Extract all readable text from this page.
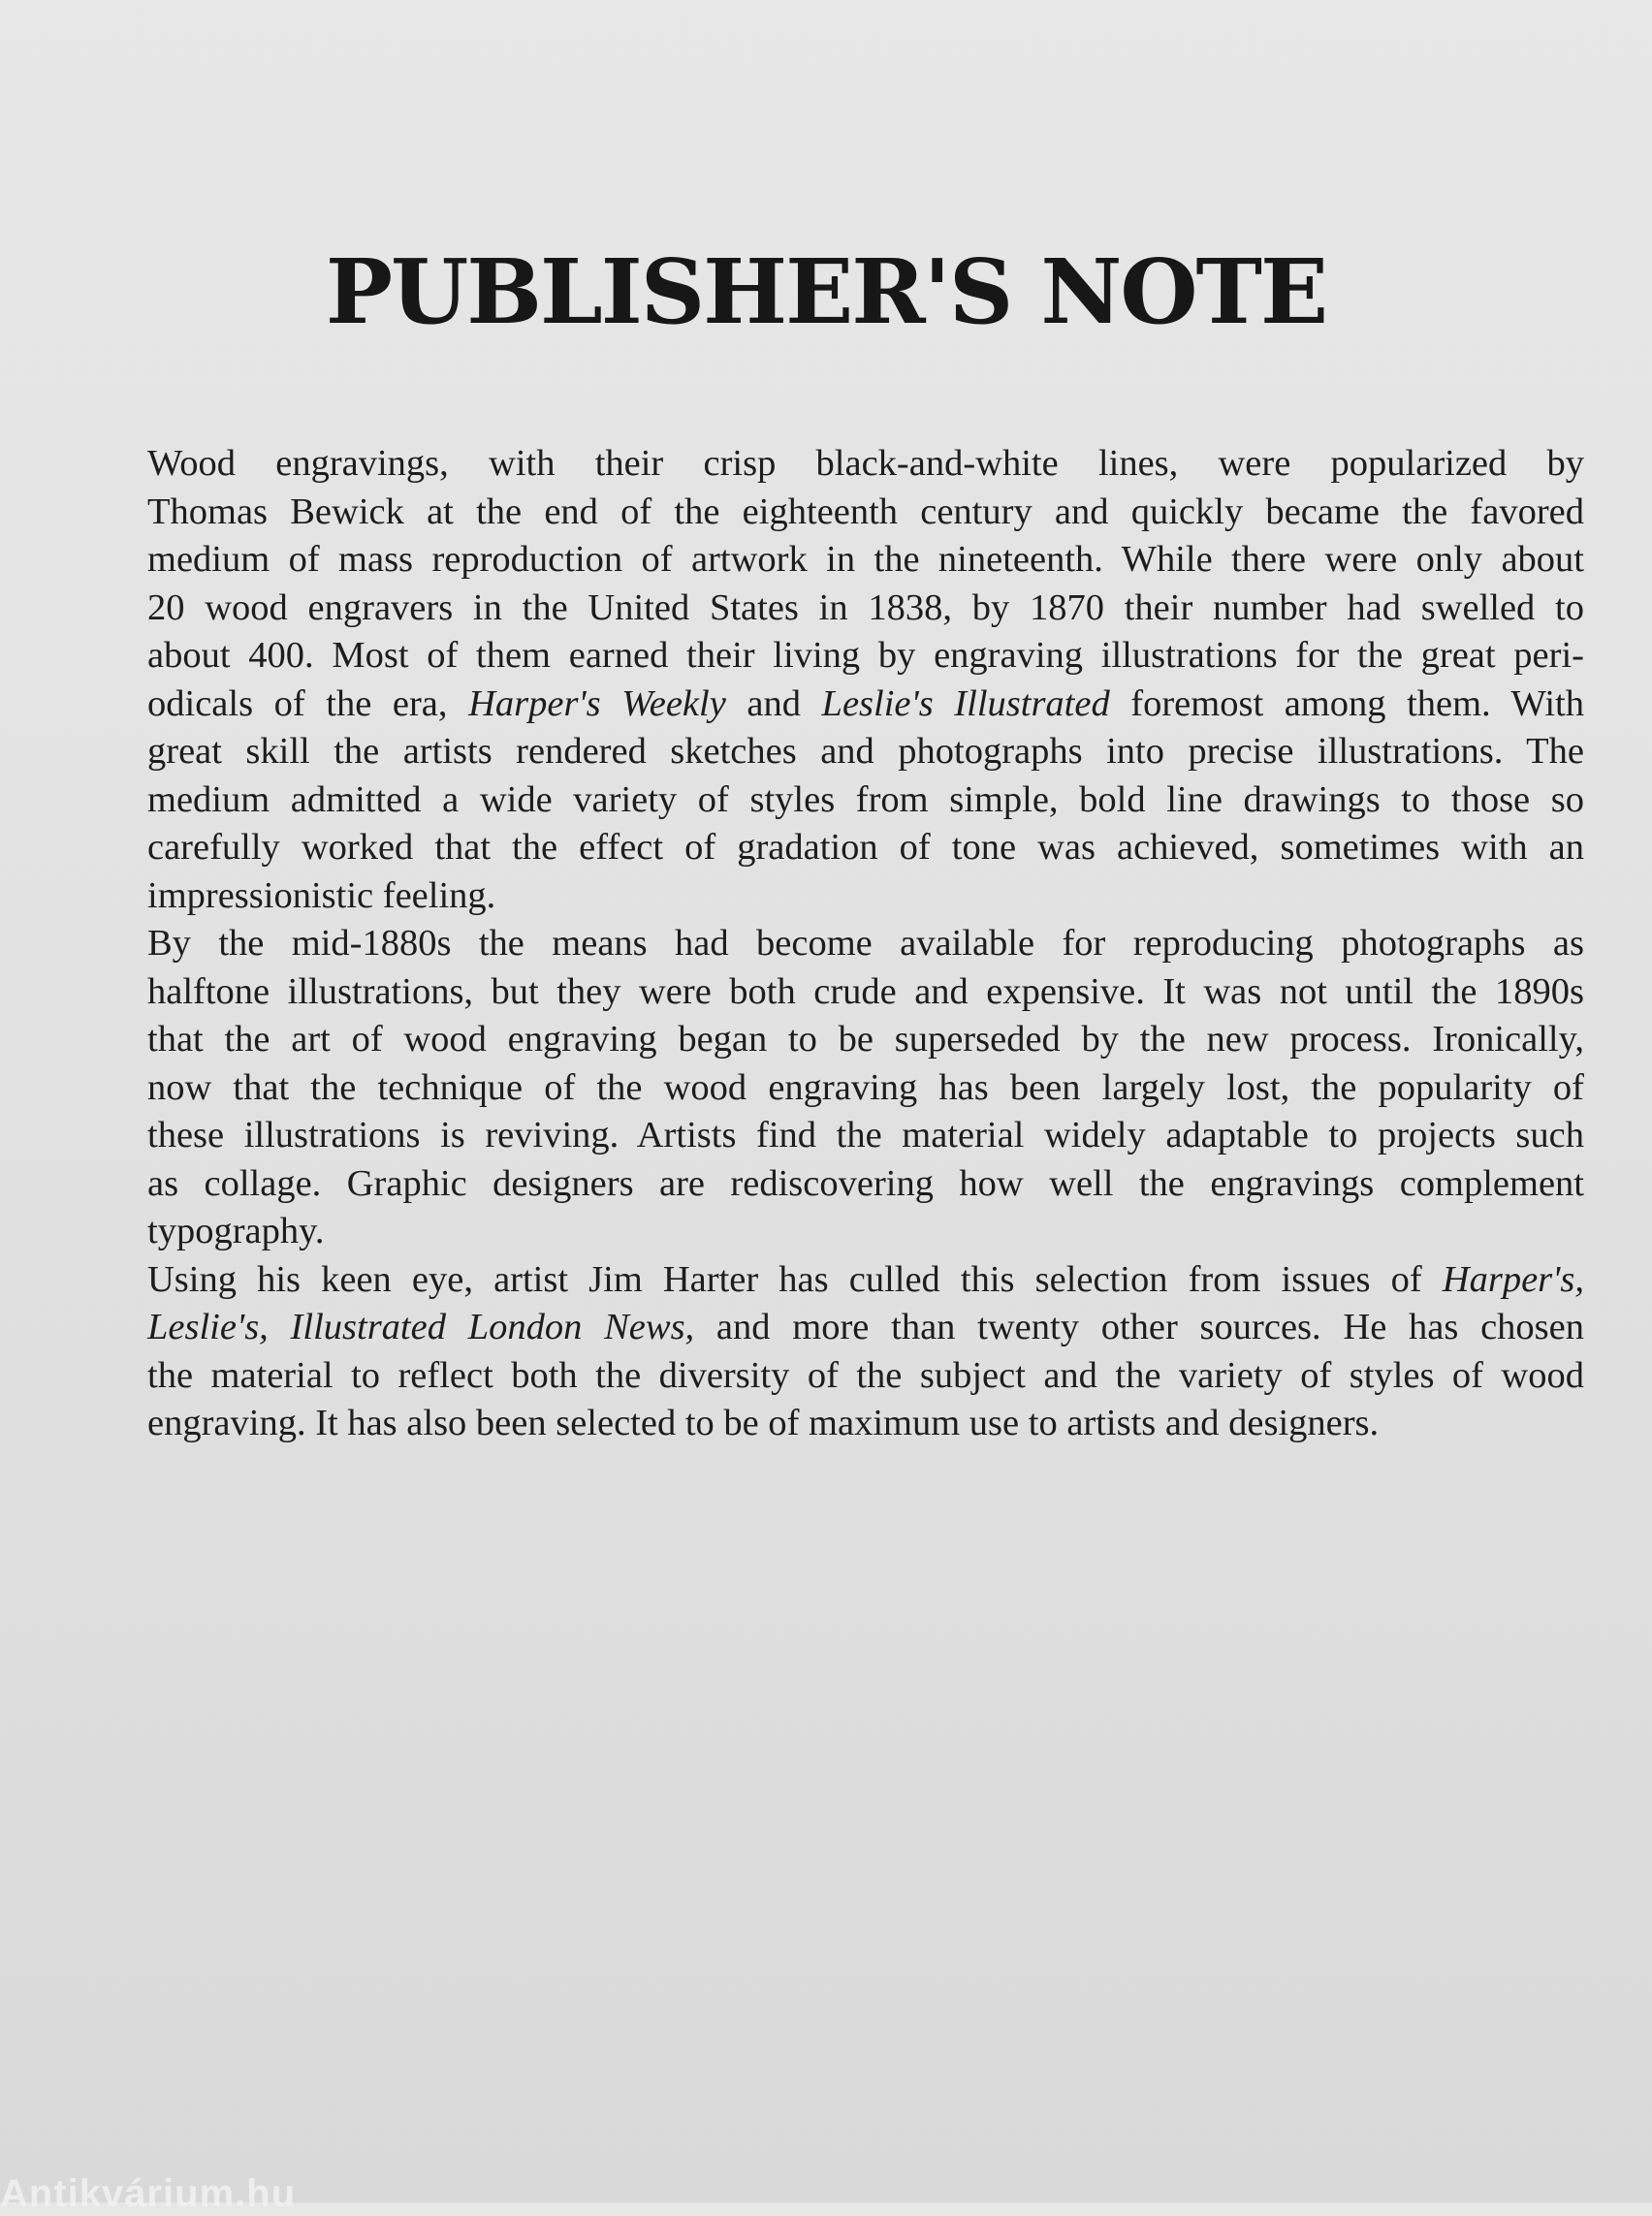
PUBLISHER'S NOTE

Wood engravings, with their crisp black-and-white lines, were popularized by
Thomas Bewick at the end of the eighteenth century and quickly became the favored
medium of mass reproduction of artwork in the nineteenth. While there were only about
20 wood engravers in the United States in 1838, by 1870 their number had swelled to
about 400. Most of them earned their living by engraving illustrations for the great peri-
odicals of the era, Harper's Weekly and Leslie's Illustrated foremost among them. With
great skill the artists rendered sketches and photographs into precise illustrations. The
medium admitted a wide variety of styles from simple, bold line drawings to those so
carefully worked that the effect of gradation of tone was achieved, sometimes with an
impressionistic feeling.

By the mid-1880s the means had become available for reproducing photographs as
halftone illustrations, but they were both crude and expensive. It was not until the 1890s
that the art of wood engraving began to be superseded by the new process. Ironically,
now that the technique of the wood engraving has been largely lost, the popularity of
these illustrations is reviving. Artists find the material widely adaptable to projects such
as collage. Graphic designers are rediscovering how well the engravings complement
typography.

Using his keen eye, artist Jim Harter has culled this selection from issues of Harper's,
Leslie's, Illustrated London News, and more than twenty other sources. He has chosen
the material to reflect both the diversity of the subject and the variety of styles of wood
engraving. It has also been selected to be of maximum use to artists and designers.

Antikvárium.hu
